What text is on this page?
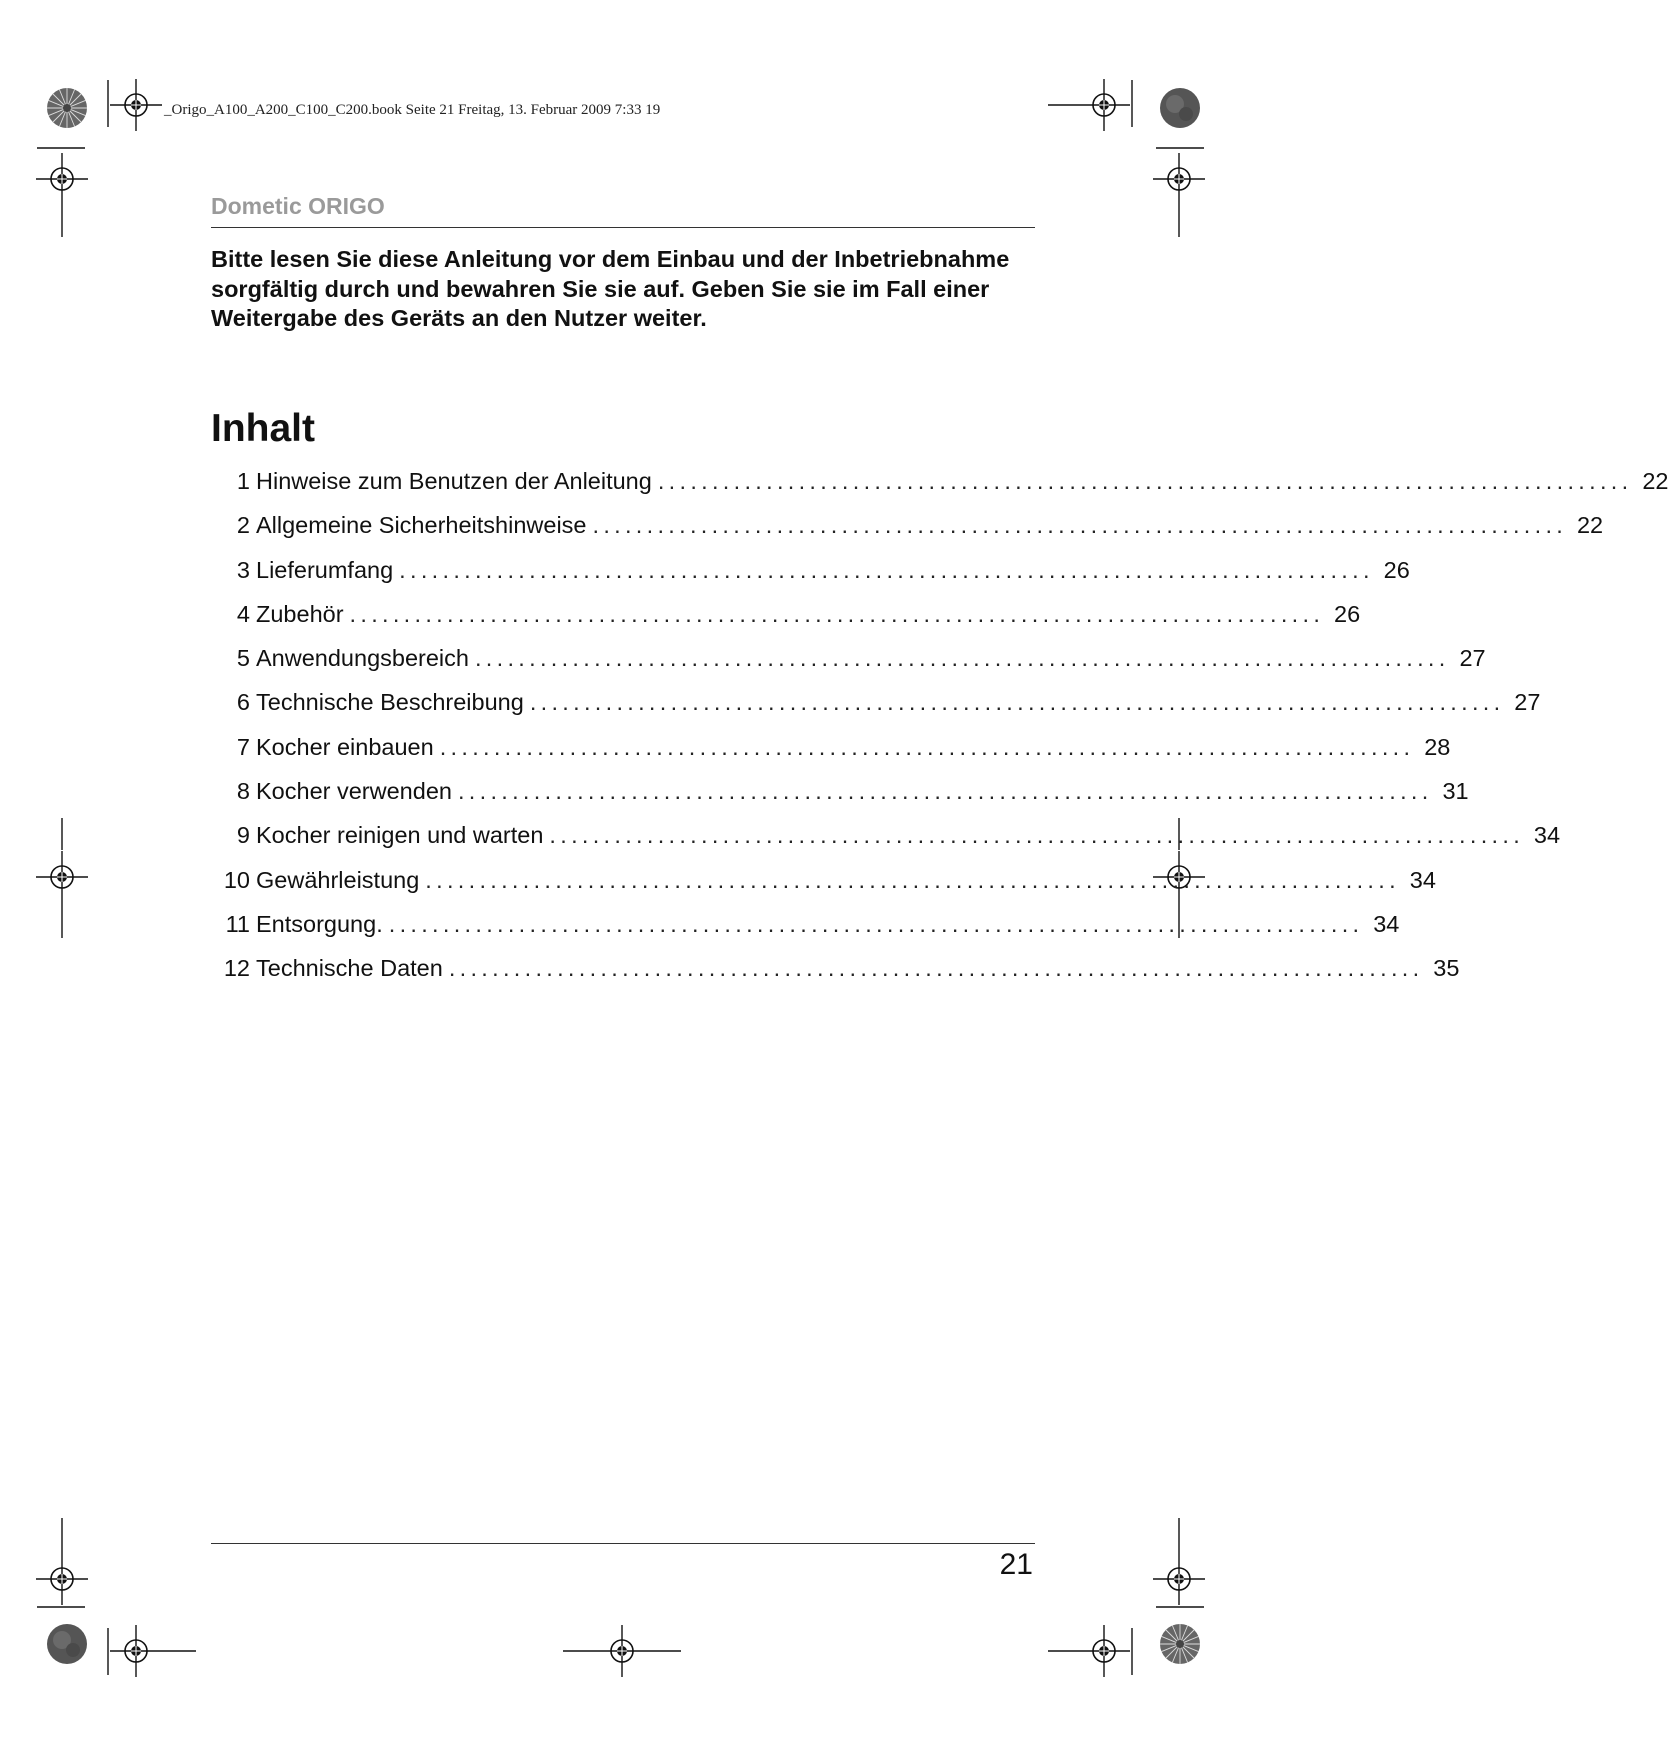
_Origo_A100_A200_C100_C200.book Seite 21 Freitag, 13. Februar 2009 7:33 19
Dometic ORIGO
Bitte lesen Sie diese Anleitung vor dem Einbau und der Inbetriebnahme sorgfältig durch und bewahren Sie sie auf. Geben Sie sie im Fall einer Weitergabe des Geräts an den Nutzer weiter.
Inhalt
1 Hinweise zum Benutzen der Anleitung .......................................................................................... 22
2 Allgemeine Sicherheitshinweise .......................................................................................... 22
3 Lieferumfang .......................................................................................... 26
4 Zubehör .......................................................................................... 26
5 Anwendungsbereich .......................................................................................... 27
6 Technische Beschreibung .......................................................................................... 27
7 Kocher einbauen .......................................................................................... 28
8 Kocher verwenden .......................................................................................... 31
9 Kocher reinigen und warten .......................................................................................... 34
10 Gewährleistung .......................................................................................... 34
11 Entsorgung. .......................................................................................... 34
12 Technische Daten .......................................................................................... 35
21
